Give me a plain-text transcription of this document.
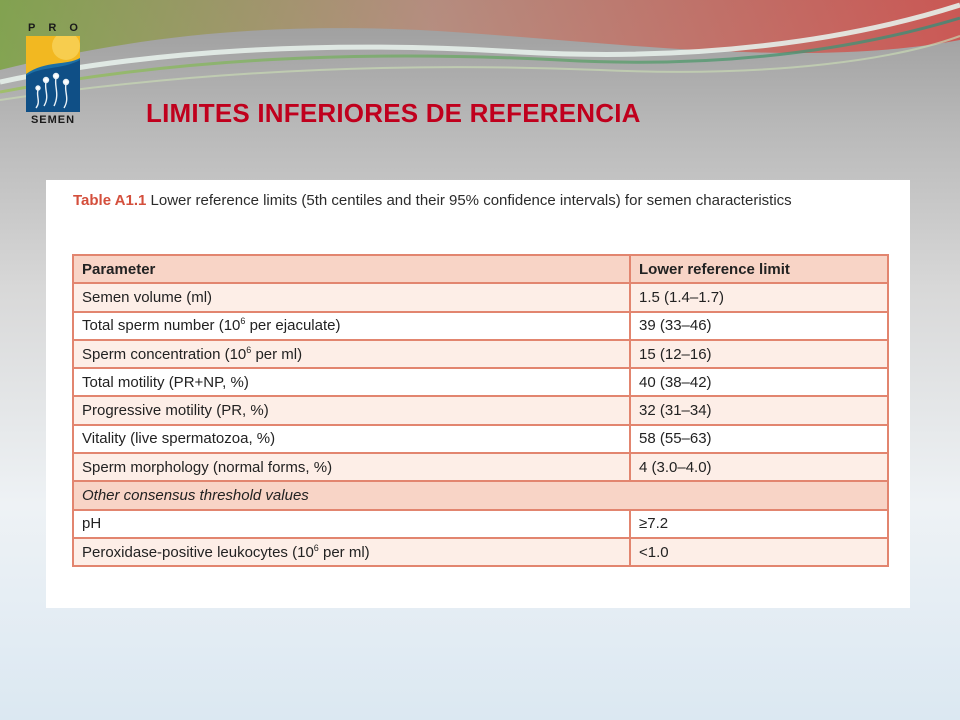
P R O
SEMEN	LIMITES INFERIORES DE REFERENCIA
Table A1.1 Lower reference limits (5th centiles and their 95% confidence intervals) for semen characteristics
Parameter	Lower reference limit
Semen volume (ml)	1.5 (1.4–1.7)
Total sperm number ($10^6$ per ejaculate)	39 (33–46)
Sperm concentration ($10^6$ per ml)	15 (12–16)
Total motility (PR+NP, %)	40 (38–42)
Progressive motility (PR, %)	32 (31–34)
Vitality (live spermatozoa, %)	58 (55–63)
Sperm morphology (normal forms, %)	4 (3.0–4.0)
Other consensus threshold values	
pH	≥7.2
Peroxidase-positive leukocytes ($10^6$ per ml)	<1.0
